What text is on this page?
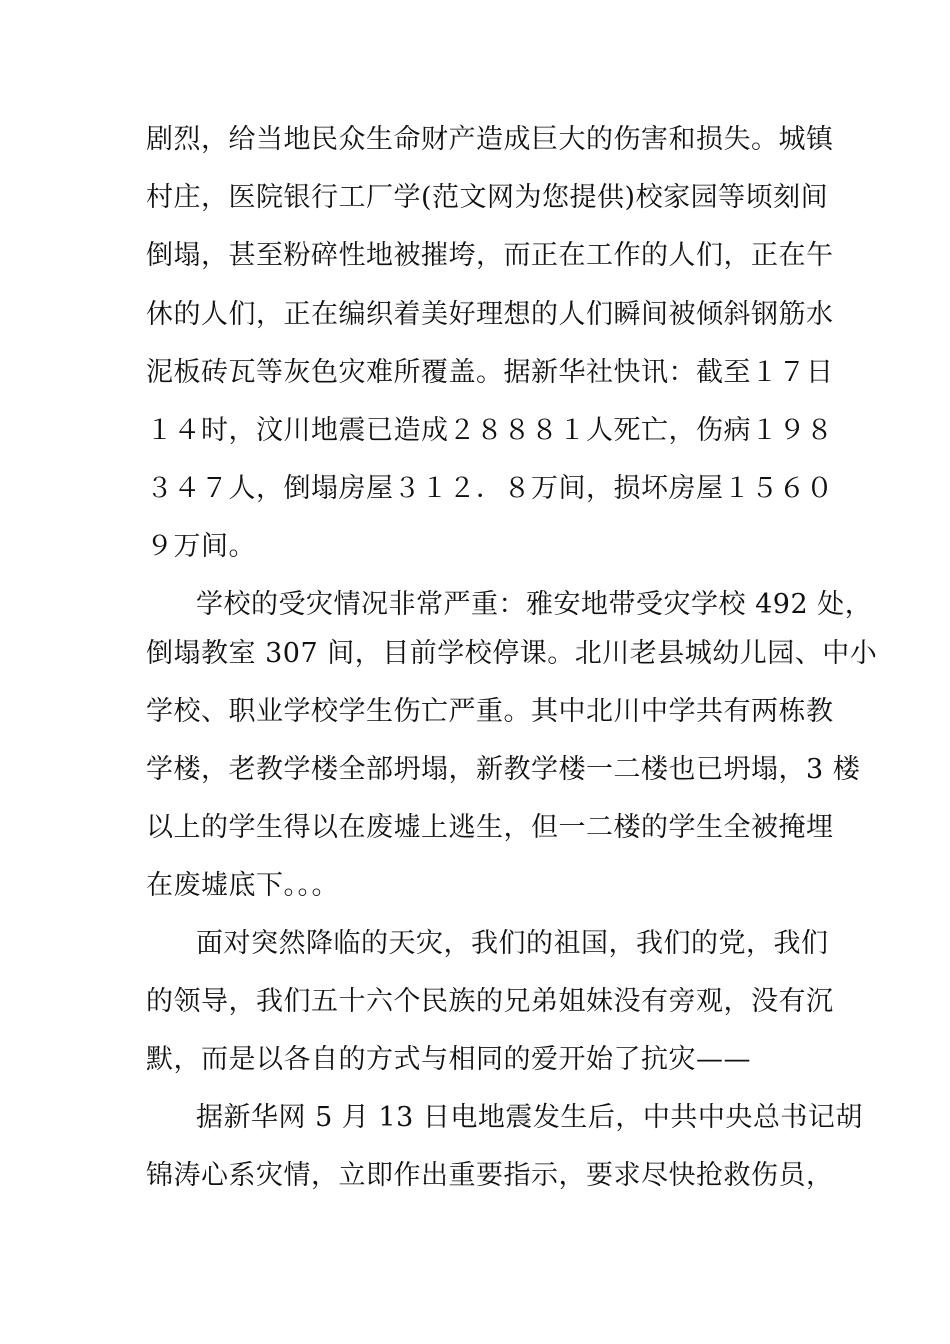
剧烈，给当地民众生命财产造成巨大的伤害和损失。城镇
村庄，医院银行工厂学(范文网为您提供)校家园等顷刻间
倒塌，甚至粉碎性地被摧垮，而正在工作的人们，正在午
休的人们，正在编织着美好理想的人们瞬间被倾斜钢筋水
泥板砖瓦等灰色灾难所覆盖。据新华社快讯：截至１７日
１４时，汶川地震已造成２８８８１人死亡，伤病１９８
３４７人，倒塌房屋３１２．８万间，损坏房屋１５６０
９万间。
学校的受灾情况非常严重：雅安地带受灾学校 492 处，
倒塌教室 307 间，目前学校停课。北川老县城幼儿园、中小
学校、职业学校学生伤亡严重。其中北川中学共有两栋教
学楼，老教学楼全部坍塌，新教学楼一二楼也已坍塌，3 楼
以上的学生得以在废墟上逃生，但一二楼的学生全被掩埋
在废墟底下。。。
面对突然降临的天灾，我们的祖国，我们的党，我们
的领导，我们五十六个民族的兄弟姐妹没有旁观，没有沉
默，而是以各自的方式与相同的爱开始了抗灾——
据新华网 5 月 13 日电地震发生后，中共中央总书记胡
锦涛心系灾情，立即作出重要指示，要求尽快抢救伤员，
